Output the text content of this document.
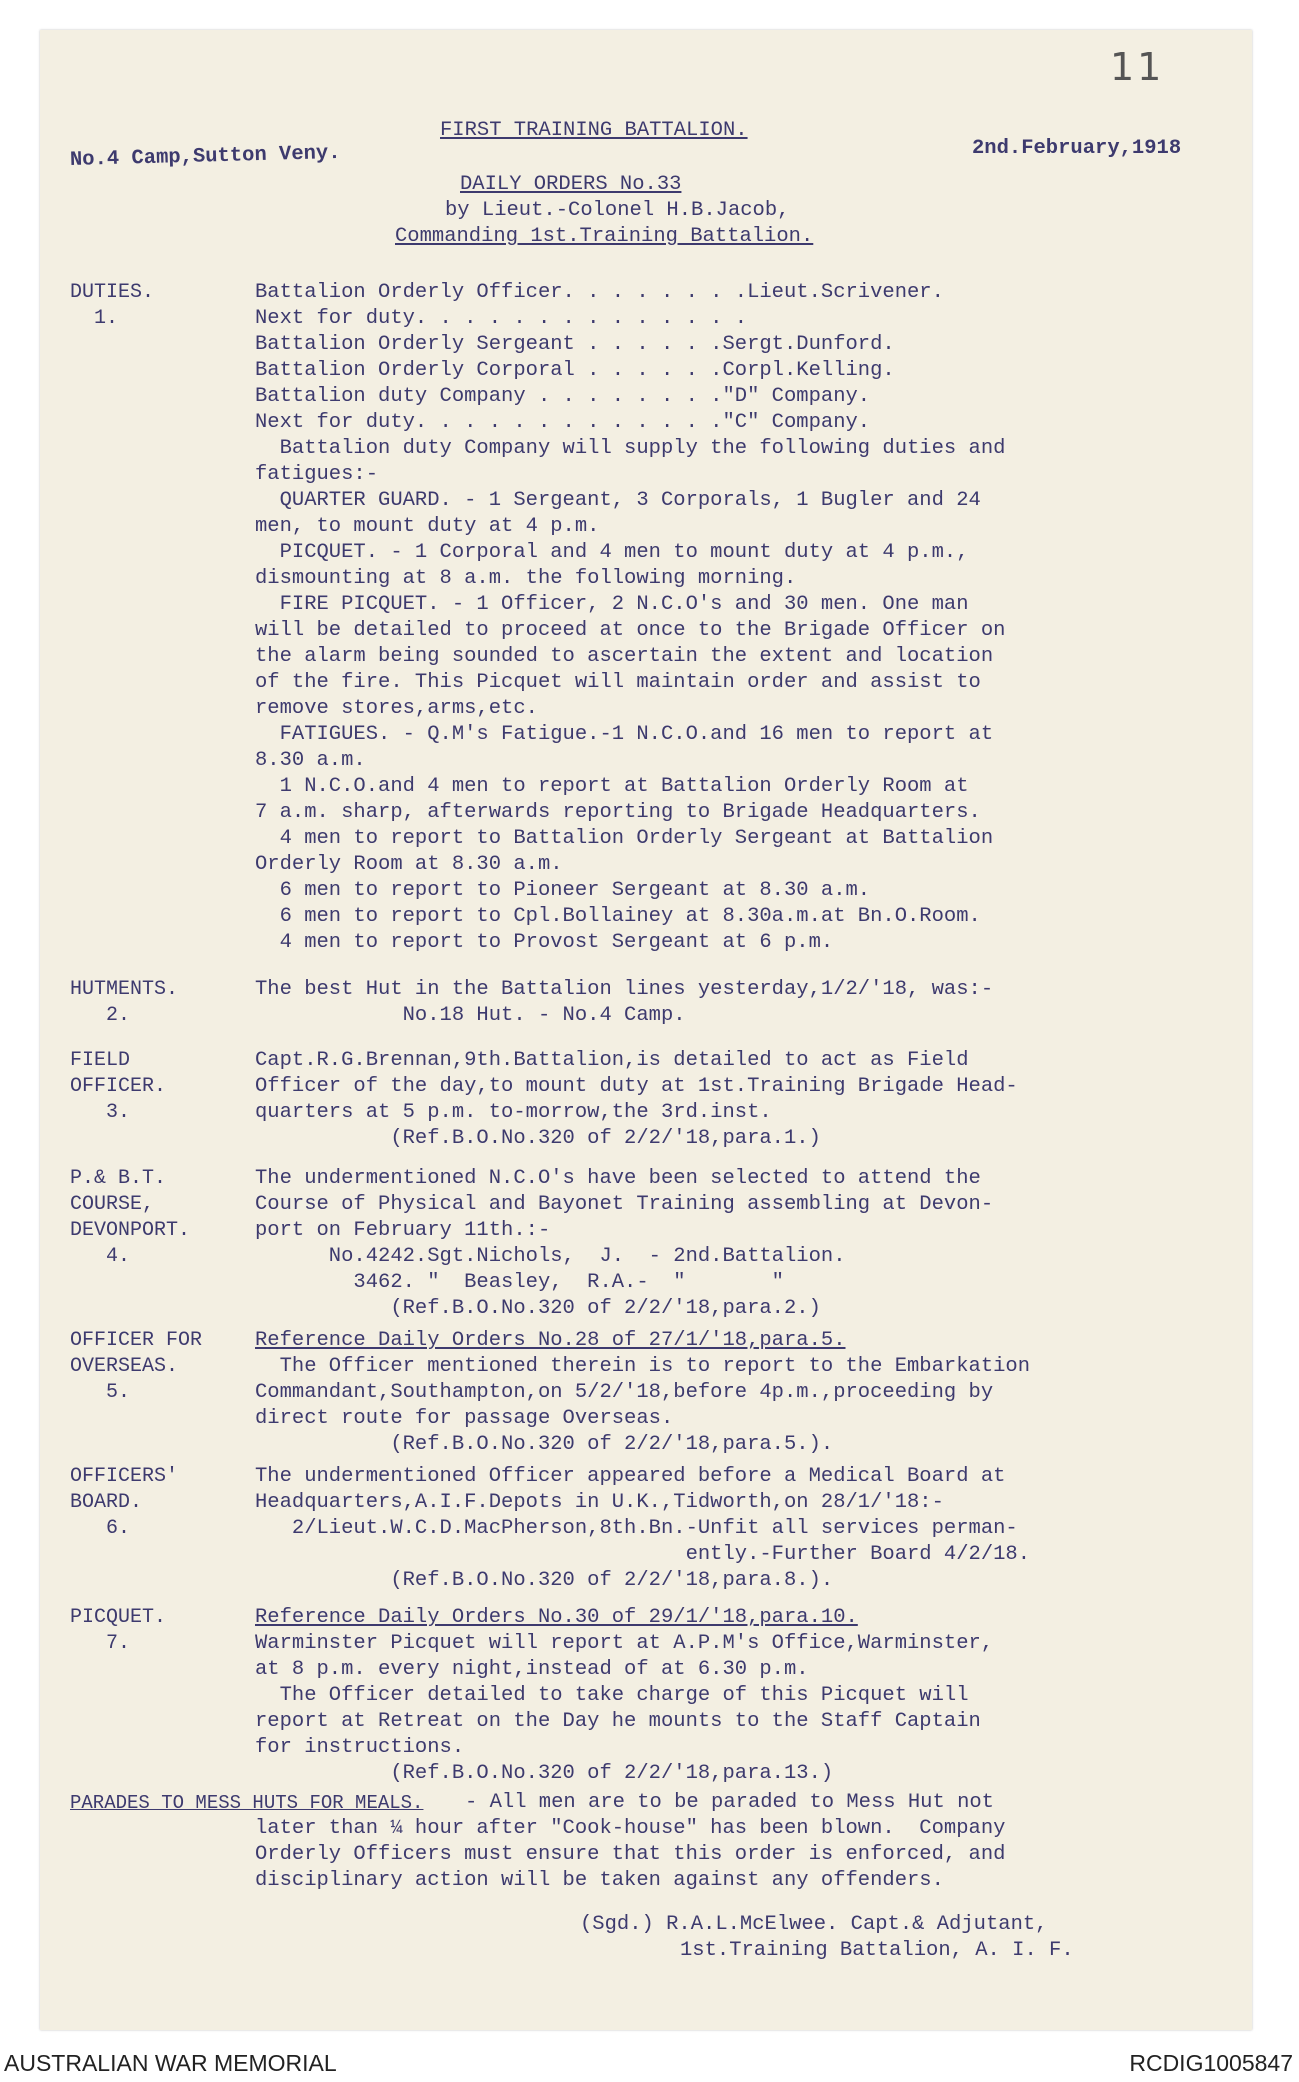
11
FIRST TRAINING BATTALION.
No.4 Camp,Sutton Veny.	2nd.February,1918
DAILY ORDERS No.33
by Lieut.-Colonel H.B.Jacob,
Commanding 1st.Training Battalion.
DUTIES.
1.
Battalion Orderly Officer. . . . . . . .Lieut.Scrivener.
Next for duty. . . . . . . . . . . . . .
Battalion Orderly Sergeant . . . . . .Sergt.Dunford.
Battalion Orderly Corporal . . . . . .Corpl.Kelling.
Battalion duty Company . . . . . . . ."D" Company.
Next for duty. . . . . . . . . . . . ."C" Company.
Battalion duty Company will supply the following duties and
fatigues:-
QUARTER GUARD. - 1 Sergeant, 3 Corporals, 1 Bugler and 24
men, to mount duty at 4 p.m.
PICQUET. - 1 Corporal and 4 men to mount duty at 4 p.m.,
dismounting at 8 a.m. the following morning.
FIRE PICQUET. - 1 Officer, 2 N.C.O's and 30 men. One man
will be detailed to proceed at once to the Brigade Officer on
the alarm being sounded to ascertain the extent and location
of the fire. This Picquet will maintain order and assist to
remove stores,arms,etc.
FATIGUES. - Q.M's Fatigue.-1 N.C.O.and 16 men to report at
8.30 a.m.
1 N.C.O.and 4 men to report at Battalion Orderly Room at
7 a.m. sharp, afterwards reporting to Brigade Headquarters.
4 men to report to Battalion Orderly Sergeant at Battalion
Orderly Room at 8.30 a.m.
6 men to report to Pioneer Sergeant at 8.30 a.m.
6 men to report to Cpl.Bollainey at 8.30a.m.at Bn.O.Room.
4 men to report to Provost Sergeant at 6 p.m.
HUTMENTS.
2.
The best Hut in the Battalion lines yesterday,1/2/'18, was:-
No.18 Hut. - No.4 Camp.
FIELD
OFFICER.
3.
Capt.R.G.Brennan,9th.Battalion,is detailed to act as Field
Officer of the day,to mount duty at 1st.Training Brigade Head-
quarters at 5 p.m. to-morrow,the 3rd.inst.
(Ref.B.O.No.320 of 2/2/'18,para.1.)
P.& B.T.
COURSE,
DEVONPORT.
4.
The undermentioned N.C.O's have been selected to attend the
Course of Physical and Bayonet Training assembling at Devon-
port on February 11th.:-
No.4242.Sgt.Nichols,  J.  - 2nd.Battalion.
3462. "  Beasley,  R.A.-  "       "
(Ref.B.O.No.320 of 2/2/'18,para.2.)
OFFICER FOR
OVERSEAS.
5.
Reference Daily Orders No.28 of 27/1/'18,para.5.
The Officer mentioned therein is to report to the Embarkation
Commandant,Southampton,on 5/2/'18,before 4p.m.,proceeding by
direct route for passage Overseas.
(Ref.B.O.No.320 of 2/2/'18,para.5.).
OFFICERS'
BOARD.
6.
The undermentioned Officer appeared before a Medical Board at
Headquarters,A.I.F.Depots in U.K.,Tidworth,on 28/1/'18:-
2/Lieut.W.C.D.MacPherson,8th.Bn.-Unfit all services perman-
ently.-Further Board 4/2/18.
(Ref.B.O.No.320 of 2/2/'18,para.8.).
PICQUET.
7.
Reference Daily Orders No.30 of 29/1/'18,para.10.
Warminster Picquet will report at A.P.M's Office,Warminster,
at 8 p.m. every night,instead of at 6.30 p.m.
The Officer detailed to take charge of this Picquet will
report at Retreat on the Day he mounts to the Staff Captain
for instructions.
(Ref.B.O.No.320 of 2/2/'18,para.13.)
PARADES TO MESS HUTS FOR MEALS.	- All men are to be paraded to Mess Hut not
later than ¼ hour after "Cook-house" has been blown.  Company
Orderly Officers must ensure that this order is enforced, and
disciplinary action will be taken against any offenders.
(Sgd.) R.A.L.McElwee. Capt.& Adjutant,
1st.Training Battalion, A. I. F.
AUSTRALIAN WAR MEMORIAL	RCDIG1005847
